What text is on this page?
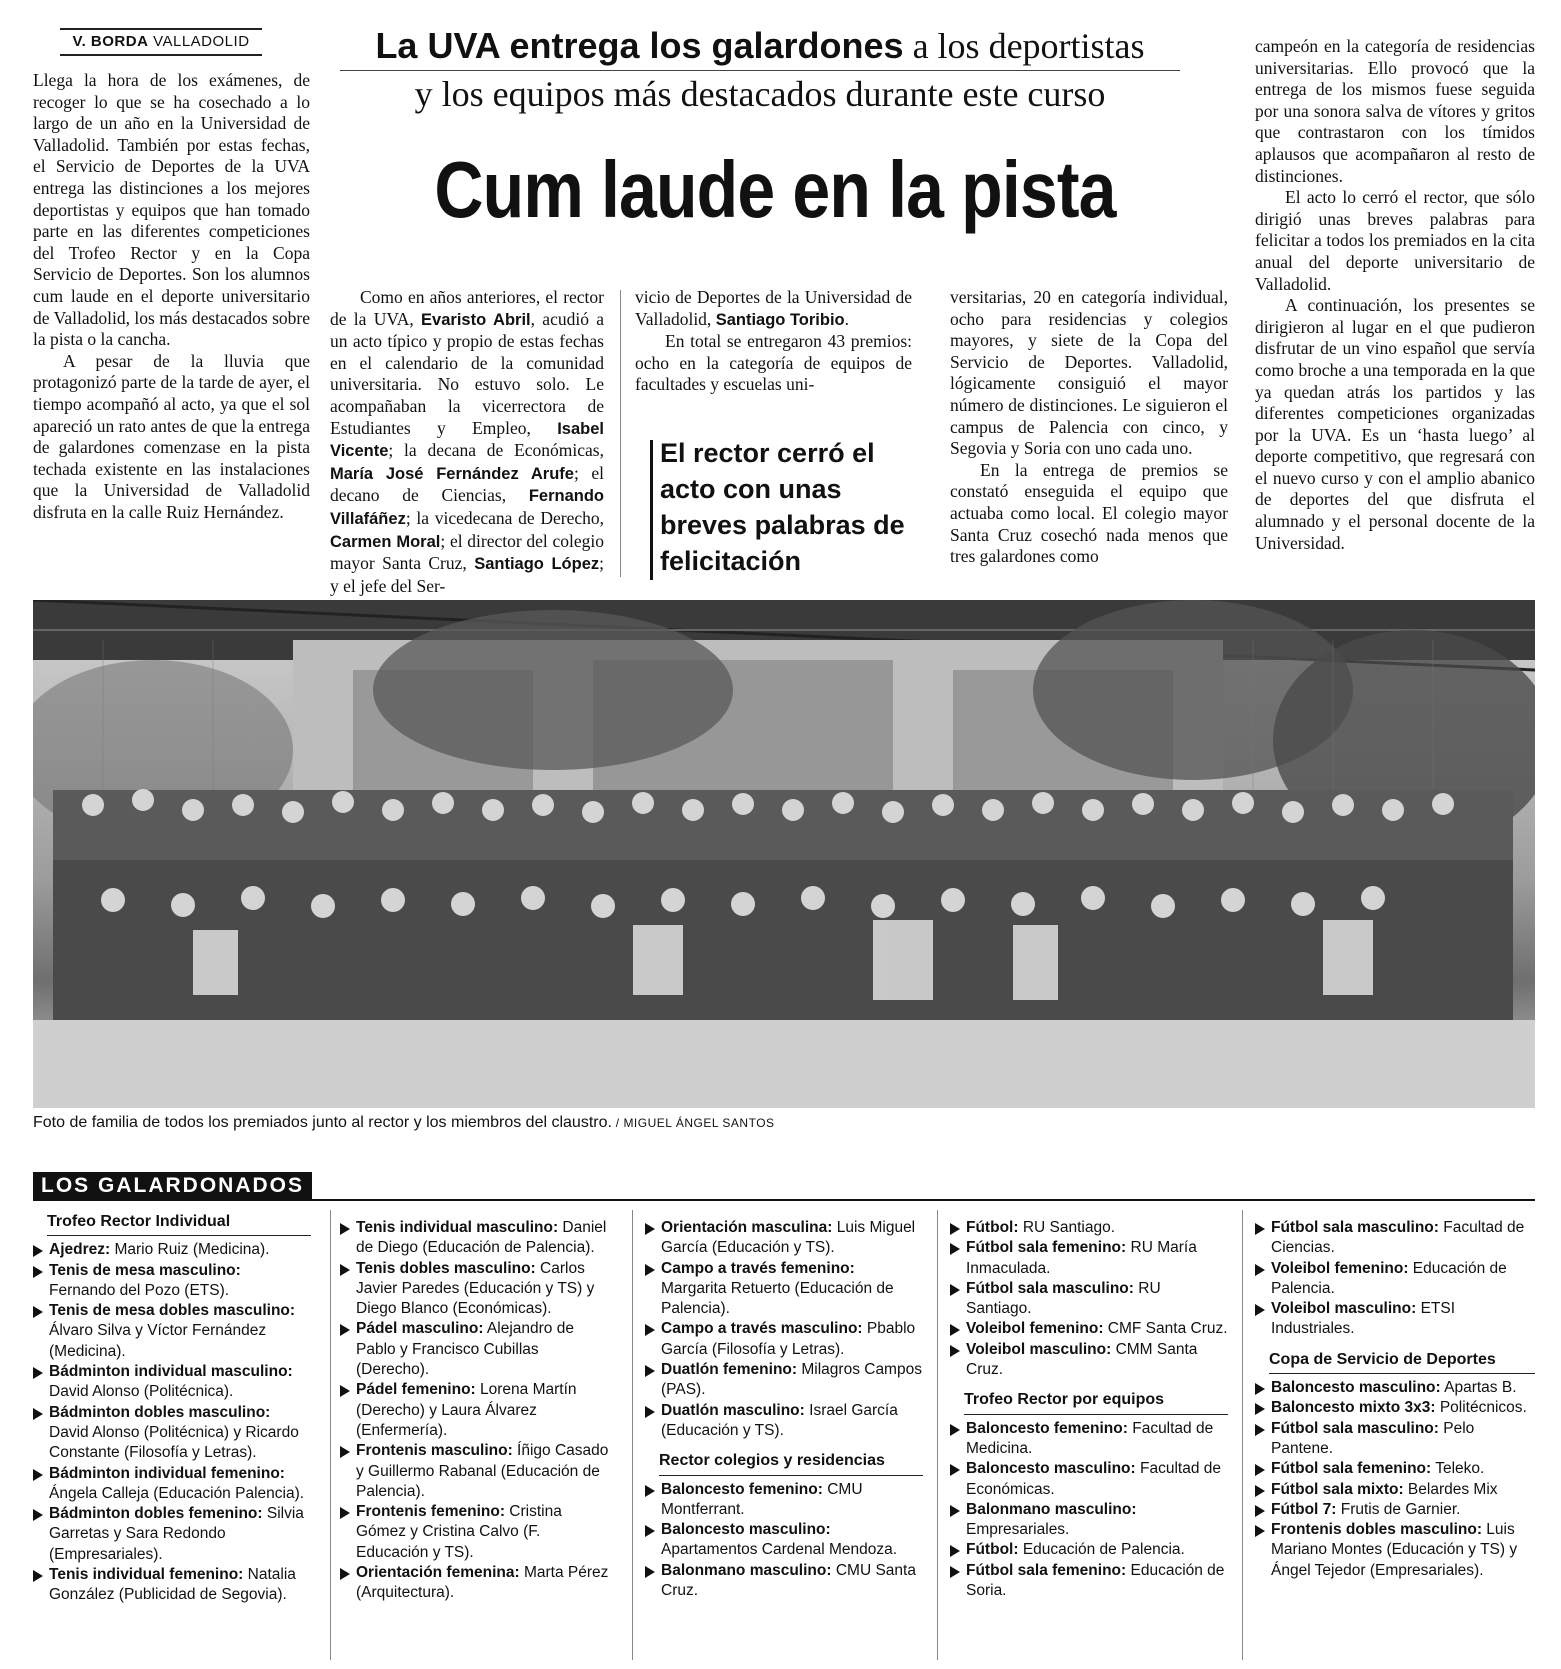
V. BORDA VALLADOLID

Llega la hora de los exámenes, de recoger lo que se ha cosechado a lo largo de un año en la Universidad de Valladolid. También por estas fechas, el Servicio de Deportes de la UVA entrega las distinciones a los mejores deportistas y equipos que han tomado parte en las diferentes competiciones del Trofeo Rector y en la Copa Servicio de Deportes. Son los alumnos cum laude en el deporte universitario de Valladolid, los más destacados sobre la pista o la cancha.

A pesar de la lluvia que protagonizó parte de la tarde de ayer, el tiempo acompañó al acto, ya que el sol apareció un rato antes de que la entrega de galardones comenzase en la pista techada existente en las instalaciones que la Universidad de Valladolid disfruta en la calle Ruiz Hernández.

La UVA entrega los galardones a los deportistas
y los equipos más destacados durante este curso
Cum laude en la pista

Como en años anteriores, el rector de la UVA, Evaristo Abril, acudió a un acto típico y propio de estas fechas en el calendario de la comunidad universitaria. No estuvo solo. Le acompañaban la vicerrectora de Estudiantes y Empleo, Isabel Vicente; la decana de Económicas, María José Fernández Arufe; el decano de Ciencias, Fernando Villafáñez; la vicedecana de Derecho, Carmen Moral; el director del colegio mayor Santa Cruz, Santiago López; y el jefe del Ser-

vicio de Deportes de la Universidad de Valladolid, Santiago Toribio.

En total se entregaron 43 premios: ocho en la categoría de equipos de facultades y escuelas uni-

El rector cerró el acto con unas breves palabras de felicitación

versitarias, 20 en categoría individual, ocho para residencias y colegios mayores, y siete de la Copa del Servicio de Deportes. Valladolid, lógicamente consiguió el mayor número de distinciones. Le siguieron el campus de Palencia con cinco, y Segovia y Soria con uno cada uno.

En la entrega de premios se constató enseguida el equipo que actuaba como local. El colegio mayor Santa Cruz cosechó nada menos que tres galardones como

campeón en la categoría de residencias universitarias. Ello provocó que la entrega de los mismos fuese seguida por una sonora salva de vítores y gritos que contrastaron con los tímidos aplausos que acompañaron al resto de distinciones.

El acto lo cerró el rector, que sólo dirigió unas breves palabras para felicitar a todos los premiados en la cita anual del deporte universitario de Valladolid.

A continuación, los presentes se dirigieron al lugar en el que pudieron disfrutar de un vino español que servía como broche a una temporada en la que ya quedan atrás los partidos y las diferentes competiciones organizadas por la UVA. Es un ‘hasta luego’ al deporte competitivo, que regresará con el nuevo curso y con el amplio abanico de deportes del que disfruta el alumnado y el personal docente de la Universidad.

Foto de familia de todos los premiados junto al rector y los miembros del claustro. / MIGUEL ÁNGEL SANTOS
LOS GALARDONADOS
Trofeo Rector Individual

Ajedrez: Mario Ruiz (Medicina).

Tenis de mesa masculino: Fernando del Pozo (ETS).

Tenis de mesa dobles masculino: Álvaro Silva y Víctor Fernández (Medicina).

Bádminton individual masculino: David Alonso (Politécnica).

Bádminton dobles masculino: David Alonso (Politécnica) y Ricardo Constante (Filosofía y Letras).

Bádminton individual femenino: Ángela Calleja (Educación Palencia).

Bádminton dobles femenino: Silvia Garretas y Sara Redondo (Empresariales).

Tenis individual femenino: Natalia González (Publicidad de Segovia).

Tenis individual masculino: Daniel de Diego (Educación de Palencia).

Tenis dobles masculino: Carlos Javier Paredes (Educación y TS) y Diego Blanco (Económicas).

Pádel masculino: Alejandro de Pablo y Francisco Cubillas (Derecho).

Pádel femenino: Lorena Martín (Derecho) y Laura Álvarez (Enfermería).

Frontenis masculino: Íñigo Casado y Guillermo Rabanal (Educación de Palencia).

Frontenis femenino: Cristina Gómez y Cristina Calvo (F. Educación y TS).

Orientación femenina: Marta Pérez (Arquitectura).

Orientación masculina: Luis Miguel García (Educación y TS).

Campo a través femenino: Margarita Retuerto (Educación de Palencia).

Campo a través masculino: Pbablo García (Filosofía y Letras).

Duatlón femenino: Milagros Campos (PAS).

Duatlón masculino: Israel García (Educación y TS).

Rector colegios y residencias

Baloncesto femenino: CMU Montferrant.

Baloncesto masculino: Apartamentos Cardenal Mendoza.

Balonmano masculino: CMU Santa Cruz.

Fútbol: RU Santiago.

Fútbol sala femenino: RU María Inmaculada.

Fútbol sala masculino: RU Santiago.

Voleibol femenino: CMF Santa Cruz.

Voleibol masculino: CMM Santa Cruz.

Trofeo Rector por equipos

Baloncesto femenino: Facultad de Medicina.

Baloncesto masculino: Facultad de Económicas.

Balonmano masculino: Empresariales.

Fútbol: Educación de Palencia.

Fútbol sala femenino: Educación de Soria.

Fútbol sala masculino: Facultad de Ciencias.

Voleibol femenino: Educación de Palencia.

Voleibol masculino: ETSI Industriales.

Copa de Servicio de Deportes

Baloncesto masculino: Apartas B.

Baloncesto mixto 3x3: Politécnicos.

Fútbol sala masculino: Pelo Pantene.

Fútbol sala femenino: Teleko.

Fútbol sala mixto: Belardes Mix

Fútbol 7: Frutis de Garnier.

Frontenis dobles masculino: Luis Mariano Montes (Educación y TS) y Ángel Tejedor (Empresariales).
